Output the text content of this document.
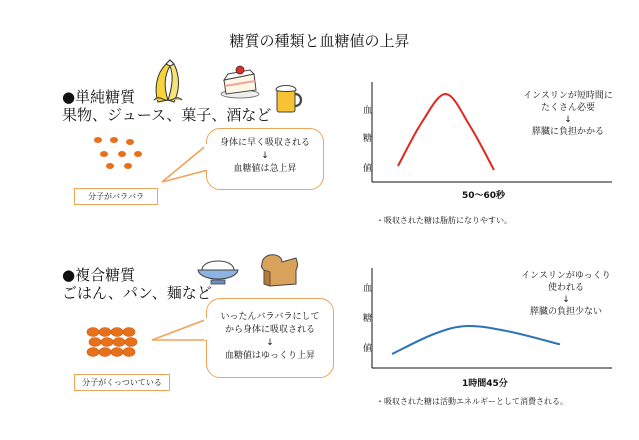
糖質の種類と血糖値の上昇
●単純糖質
果物、ジュース、菓子、酒など
分子がバラバラ
身体に早く吸収される
↓
血糖値は急上昇
血
糖
値
インスリンが短時間に
たくさん必要
↓
膵臓に負担かかる
50～60秒
・吸収された糖は脂肪になりやすい。
●複合糖質
ごはん、パン、麺など
分子がくっついている
いったんバラバラにして
から身体に吸収される
↓
血糖値はゆっくり上昇
血
糖
値
インスリンがゆっくり
使われる
↓
膵臓の負担少ない
1時間45分
・吸収された糖は活動エネルギーとして消費される。
